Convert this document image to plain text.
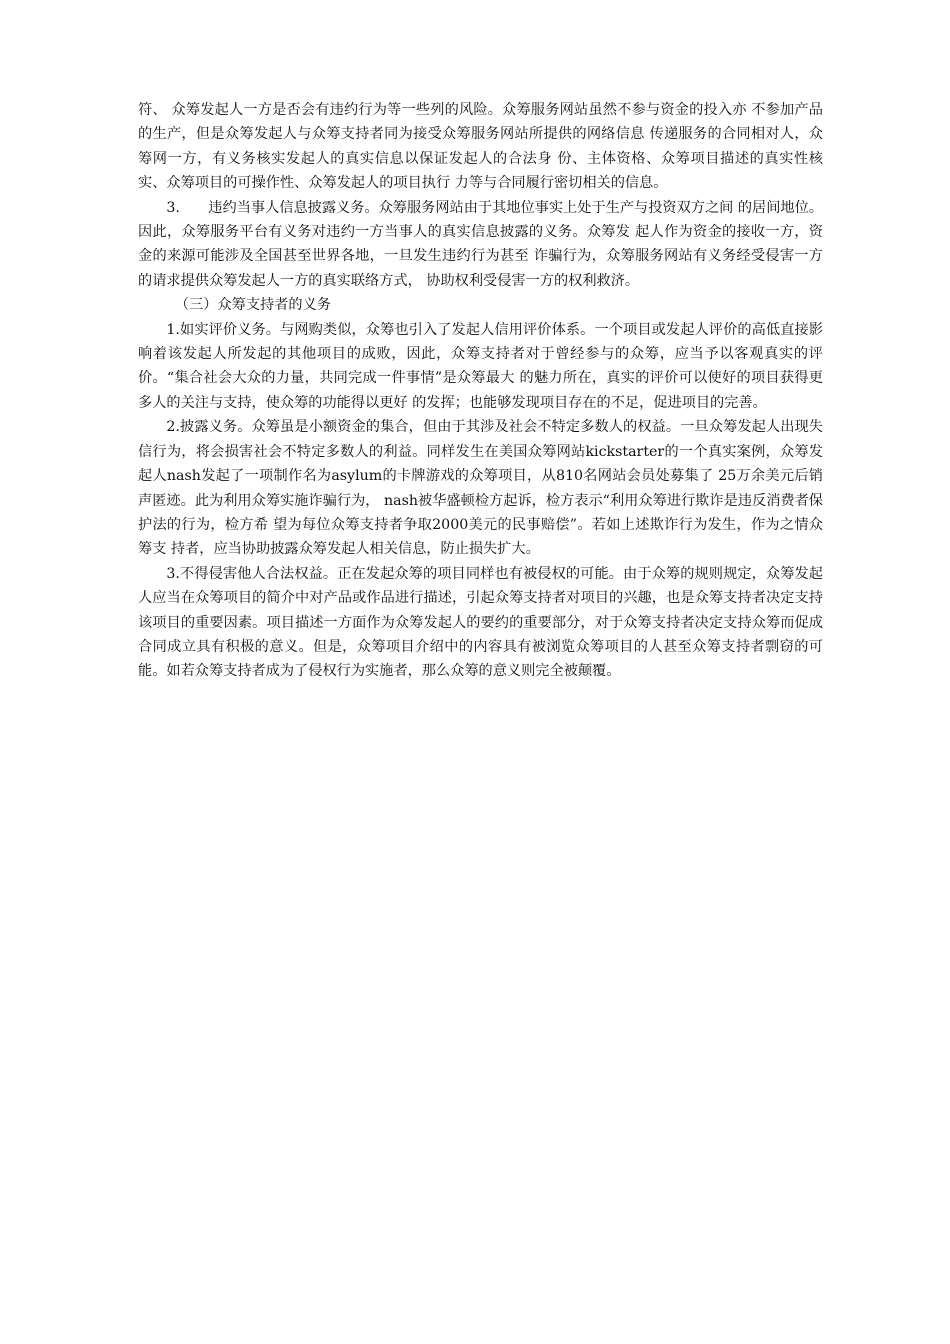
符、 众筹发起人一方是否会有违约行为等一些列的风险。众筹服务网站虽然不参与资金的投入亦 不参加产品的生产，但是众筹发起人与众筹支持者同为接受众筹服务网站所提供的网络信息 传递服务的合同相对人，众筹网一方，有义务核实发起人的真实信息以保证发起人的合法身 份、主体资格、众筹项目描述的真实性核实、众筹项目的可操作性、众筹发起人的项目执行 力等与合同履行密切相关的信息。

3.　　违约当事人信息披露义务。众筹服务网站由于其地位事实上处于生产与投资双方之间 的居间地位。因此，众筹服务平台有义务对违约一方当事人的真实信息披露的义务。众筹发 起人作为资金的接收一方，资金的来源可能涉及全国甚至世界各地，一旦发生违约行为甚至 诈骗行为，众筹服务网站有义务经受侵害一方的请求提供众筹发起人一方的真实联络方式， 协助权利受侵害一方的权利救济。

（三）众筹支持者的义务

1.如实评价义务。与网购类似，众筹也引入了发起人信用评价体系。一个项目或发起人评价的高低直接影响着该发起人所发起的其他项目的成败，因此，众筹支持者对于曾经参与的众筹，应当予以客观真实的评价。“集合社会大众的力量，共同完成一件事情”是众筹最大 的魅力所在，真实的评价可以使好的项目获得更多人的关注与支持，使众筹的功能得以更好 的发挥；也能够发现项目存在的不足，促进项目的完善。

2.披露义务。众筹虽是小额资金的集合，但由于其涉及社会不特定多数人的权益。一旦众筹发起人出现失信行为，将会损害社会不特定多数人的利益。同样发生在美国众筹网站kickstarter的一个真实案例，众筹发起人nash发起了一项制作名为asylum的卡牌游戏的众筹项目，从810名网站会员处募集了 25万余美元后销声匿迹。此为利用众筹实施诈骗行为， nash被华盛顿检方起诉，检方表示“利用众筹进行欺诈是违反消费者保护法的行为，检方希 望为每位众筹支持者争取2000美元的民事赔偿”。若如上述欺诈行为发生，作为之情众筹支 持者，应当协助披露众筹发起人相关信息，防止损失扩大。

3.不得侵害他人合法权益。正在发起众筹的项目同样也有被侵权的可能。由于众筹的规则规定，众筹发起人应当在众筹项目的简介中对产品或作品进行描述，引起众筹支持者对项目的兴趣，也是众筹支持者决定支持该项目的重要因素。项目描述一方面作为众筹发起人的要约的重要部分，对于众筹支持者决定支持众筹而促成合同成立具有积极的意义。但是，众筹项目介绍中的内容具有被浏览众筹项目的人甚至众筹支持者剽窃的可能。如若众筹支持者成为了侵权行为实施者，那么众筹的意义则完全被颠覆。
